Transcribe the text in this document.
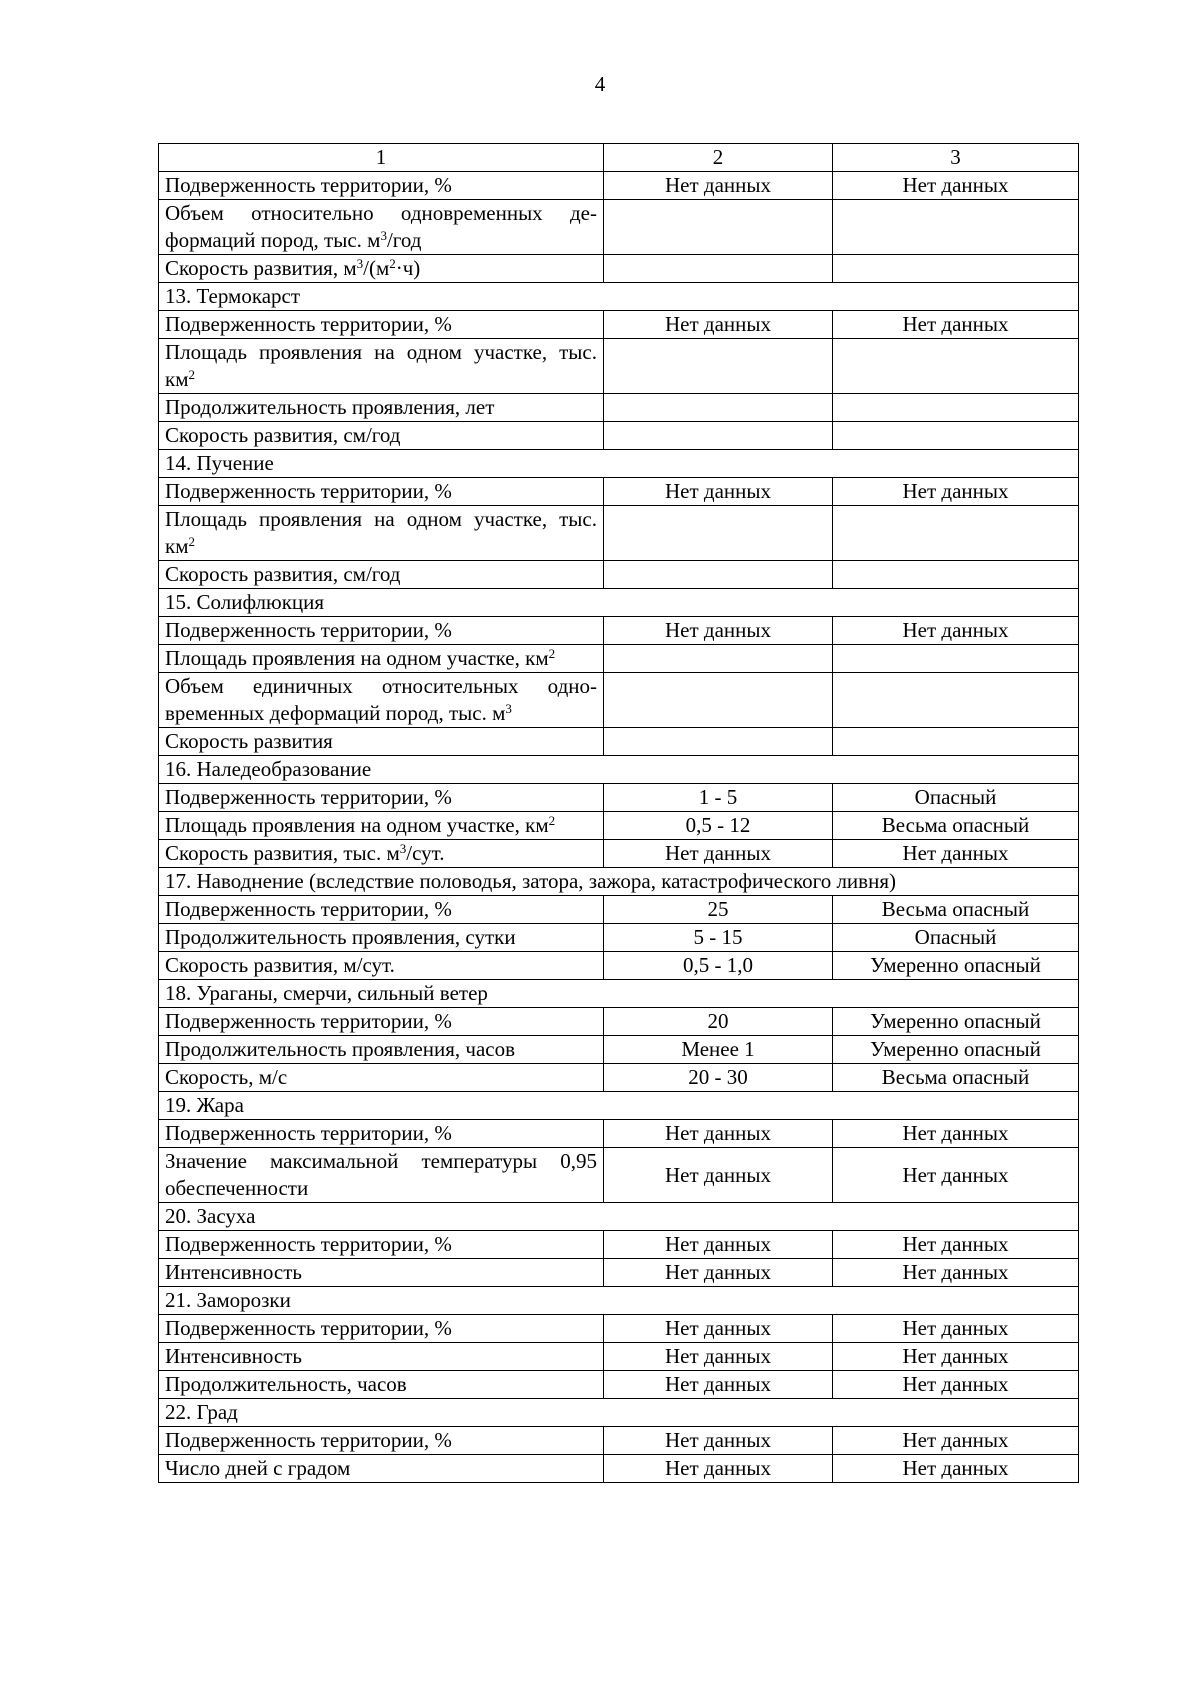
4
1	2	3
Подверженность территории, %	Нет данных	Нет данных
Объем относительно одновременных де-формаций пород, тыс. $м^3$/год		
Скорость развития, $м^3/(м^2\cdot ч)$		
13. Термокарст		
Подверженность территории, %	Нет данных	Нет данных
Площадь проявления на одном участке, тыс. $км^2$		
Продолжительность проявления, лет		
Скорость развития, см/год		
14. Пучение		
Подверженность территории, %	Нет данных	Нет данных
Площадь проявления на одном участке, тыс. $км^2$		
Скорость развития, см/год		
15. Солифлюкция		
Подверженность территории, %	Нет данных	Нет данных
Площадь проявления на одном участке, $км^2$		
Объем единичных относительных одно-временных деформаций пород, тыс. $м^3$		
Скорость развития		
16. Наледеобразование		
Подверженность территории, %	1 - 5	Опасный
Площадь проявления на одном участке, $км^2$	0,5 - 12	Весьма опасный
Скорость развития, тыс. $м^3$/сут.	Нет данных	Нет данных
17. Наводнение (вследствие половодья, затора, зажора, катастрофического ливня)		
Подверженность территории, %	25	Весьма опасный
Продолжительность проявления, сутки	5 - 15	Опасный
Скорость развития, м/сут.	0,5 - 1,0	Умеренно опасный
18. Ураганы, смерчи, сильный ветер		
Подверженность территории, %	20	Умеренно опасный
Продолжительность проявления, часов	Менее 1	Умеренно опасный
Скорость, м/с	20 - 30	Весьма опасный
19. Жара		
Подверженность территории, %	Нет данных	Нет данных
Значение максимальной температуры 0,95 обеспеченности	Нет данных	Нет данных
20. Засуха		
Подверженность территории, %	Нет данных	Нет данных
Интенсивность	Нет данных	Нет данных
21. Заморозки		
Подверженность территории, %	Нет данных	Нет данных
Интенсивность	Нет данных	Нет данных
Продолжительность, часов	Нет данных	Нет данных
22. Град		
Подверженность территории, %	Нет данных	Нет данных
Число дней с градом	Нет данных	Нет данных
